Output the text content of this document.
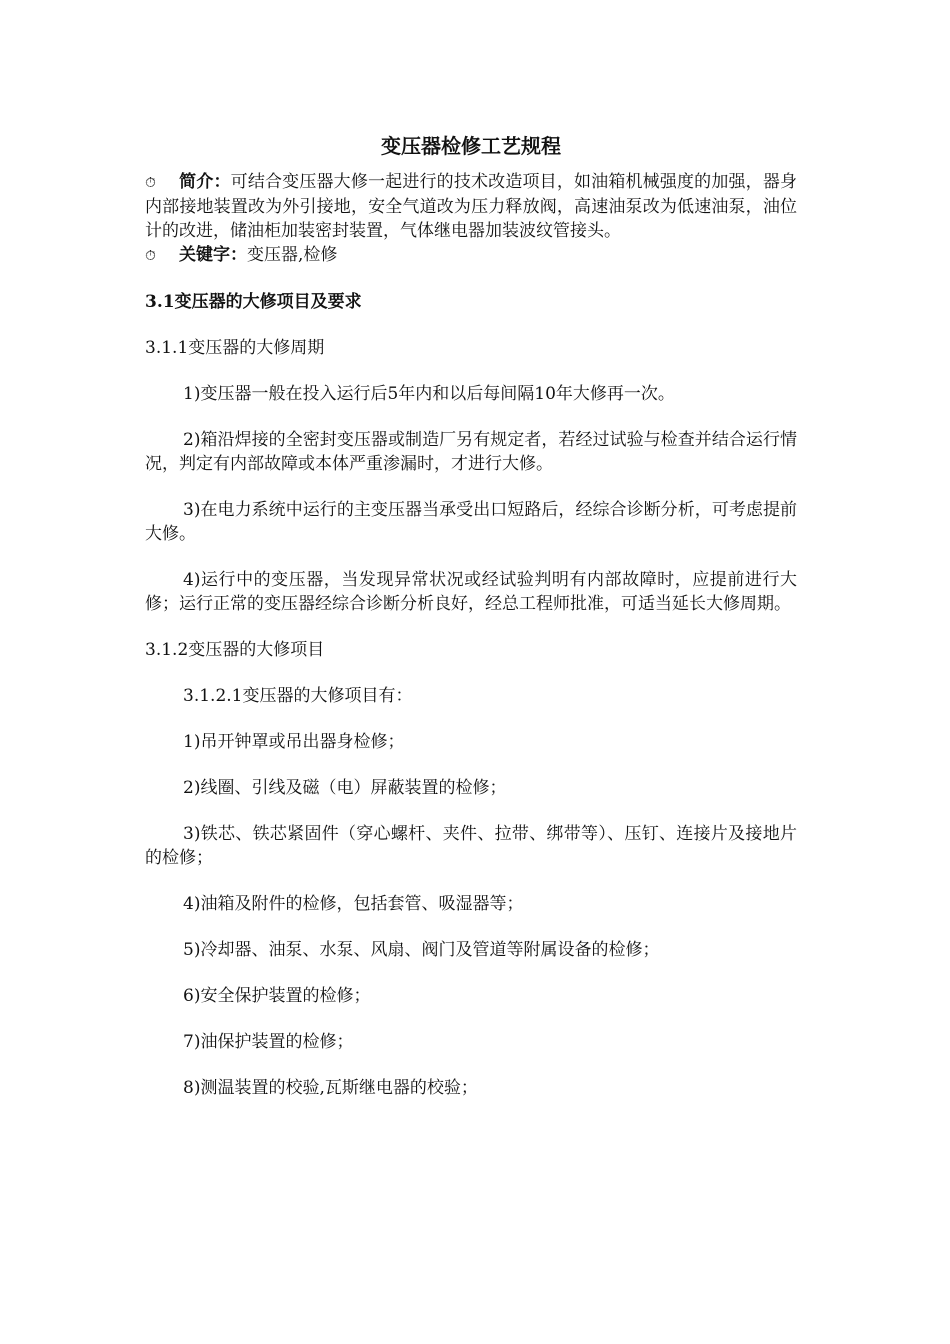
变压器检修工艺规程

⏱ 简介：可结合变压器大修一起进行的技术改造项目，如油箱机械强度的加强，器身内部接地装置改为外引接地，安全气道改为压力释放阀，高速油泵改为低速油泵，油位计的改进，储油柜加装密封装置，气体继电器加装波纹管接头。

⏱ 关键字：变压器,检修

3.1变压器的大修项目及要求

3.1.1变压器的大修周期

1)变压器一般在投入运行后5年内和以后每间隔10年大修再一次。

2)箱沿焊接的全密封变压器或制造厂另有规定者，若经过试验与检查并结合运行情况，判定有内部故障或本体严重渗漏时，才进行大修。

3)在电力系统中运行的主变压器当承受出口短路后，经综合诊断分析，可考虑提前大修。

4)运行中的变压器，当发现异常状况或经试验判明有内部故障时，应提前进行大修；运行正常的变压器经综合诊断分析良好，经总工程师批准，可适当延长大修周期。

3.1.2变压器的大修项目

3.1.2.1变压器的大修项目有：

1)吊开钟罩或吊出器身检修；

2)线圈、引线及磁（电）屏蔽装置的检修；

3)铁芯、铁芯紧固件（穿心螺杆、夹件、拉带、绑带等）、压钉、连接片及接地片的检修；

4)油箱及附件的检修，包括套管、吸湿器等；

5)冷却器、油泵、水泵、风扇、阀门及管道等附属设备的检修；

6)安全保护装置的检修；

7)油保护装置的检修；

8)测温装置的校验,瓦斯继电器的校验；
